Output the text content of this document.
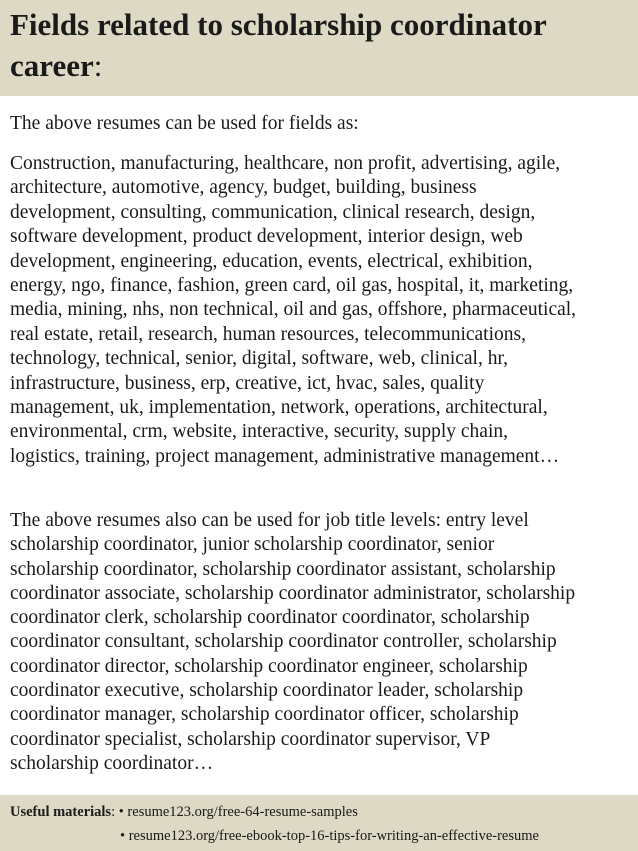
Fields related to scholarship coordinator career:

The above resumes can be used for fields as:

Construction, manufacturing, healthcare, non profit, advertising, agile,
architecture, automotive, agency, budget, building, business
development, consulting, communication, clinical research, design,
software development, product development, interior design, web
development, engineering, education, events, electrical, exhibition,
energy, ngo, finance, fashion, green card, oil gas, hospital, it, marketing,
media, mining, nhs, non technical, oil and gas, offshore, pharmaceutical,
real estate, retail, research, human resources, telecommunications,
technology, technical, senior, digital, software, web, clinical, hr,
infrastructure, business, erp, creative, ict, hvac, sales, quality
management, uk, implementation, network, operations, architectural,
environmental, crm, website, interactive, security, supply chain,
logistics, training, project management, administrative management…

The above resumes also can be used for job title levels: entry level
scholarship coordinator, junior scholarship coordinator, senior
scholarship coordinator, scholarship coordinator assistant, scholarship
coordinator associate, scholarship coordinator administrator, scholarship
coordinator clerk, scholarship coordinator coordinator, scholarship
coordinator consultant, scholarship coordinator controller, scholarship
coordinator director, scholarship coordinator engineer, scholarship
coordinator executive, scholarship coordinator leader, scholarship
coordinator manager, scholarship coordinator officer, scholarship
coordinator specialist, scholarship coordinator supervisor, VP
scholarship coordinator…

Useful materials: • resume123.org/free-64-resume-samples
• resume123.org/free-ebook-top-16-tips-for-writing-an-effective-resume
